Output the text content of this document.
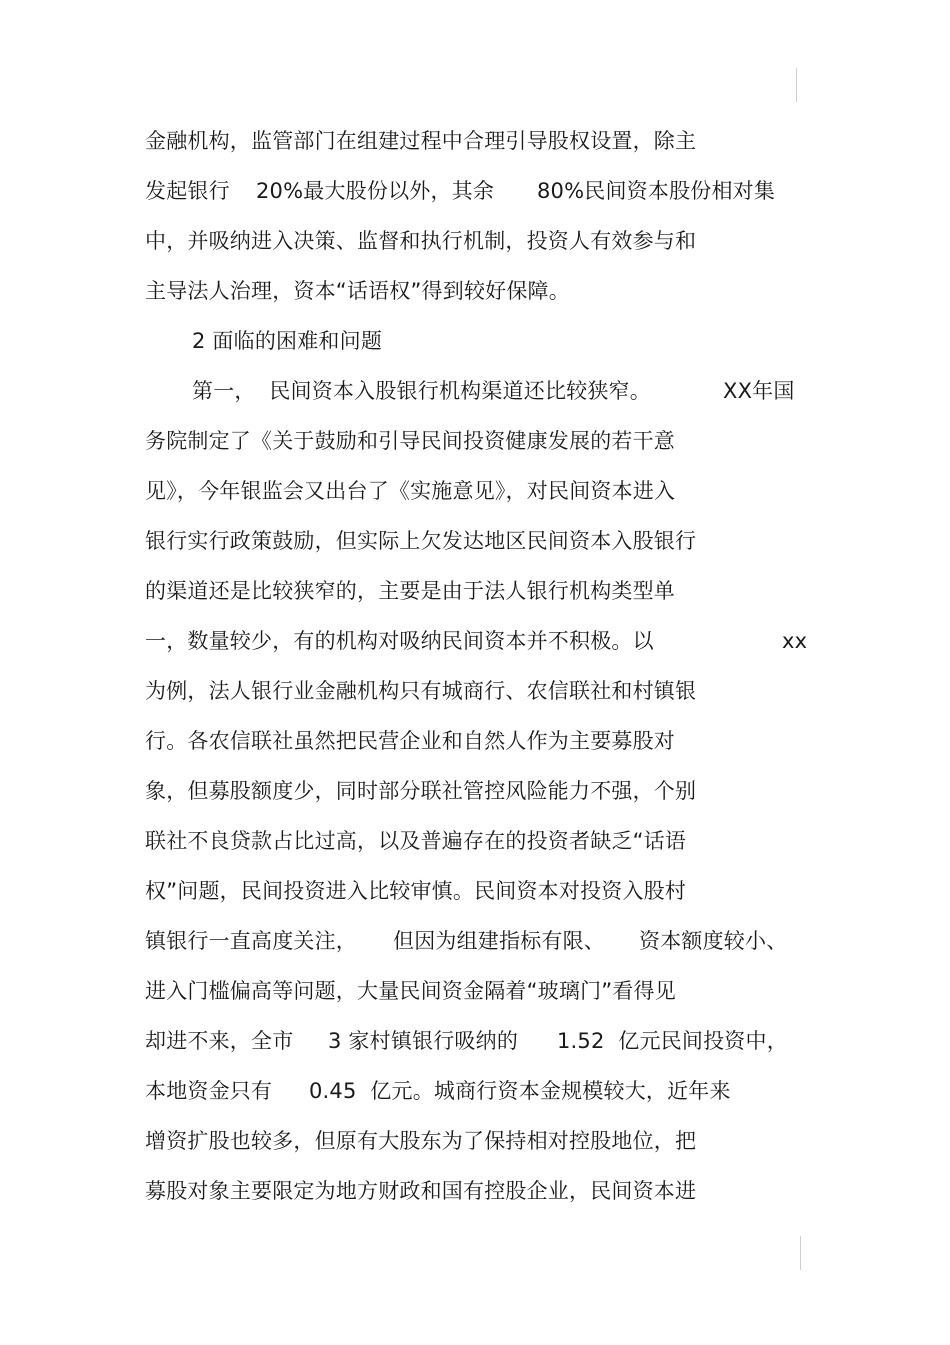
金融机构，监管部门在组建过程中合理引导股权设置，除主

发起银行

20%最大股份以外，其余

80%民间资本股份相对集

中，并吸纳进入决策、监督和执行机制，投资人有效参与和

主导法人治理，资本“话语权”得到较好保障。

2 面临的困难和问题

第一，  民间资本入股银行机构渠道还比较狭窄。

	XX年国

务院制定了《关于鼓励和引导民间投资健康发展的若干意

见》，今年银监会又出台了《实施意见》，对民间资本进入

银行实行政策鼓励，但实际上欠发达地区民间资本入股银行

的渠道还是比较狭窄的，主要是由于法人银行机构类型单

一，数量较少，有的机构对吸纳民间资本并不积极。以

	xx

为例，法人银行业金融机构只有城商行、农信联社和村镇银

行。各农信联社虽然把民营企业和自然人作为主要募股对

象，但募股额度少，同时部分联社管控风险能力不强，个别

联社不良贷款占比过高，以及普遍存在的投资者缺乏“话语

权”问题，民间投资进入比较审慎。民间资本对投资入股村

镇银行一直高度关注，

但因为组建指标有限、

资本额度较小、

进入门槛偏高等问题，大量民间资金隔着“玻璃门”看得见

却进不来，全市

3 家村镇银行吸纳的

1.52  亿元民间投资中，

本地资金只有

0.45  亿元。城商行资本金规模较大，近年来

增资扩股也较多，但原有大股东为了保持相对控股地位，把

募股对象主要限定为地方财政和国有控股企业，民间资本进
